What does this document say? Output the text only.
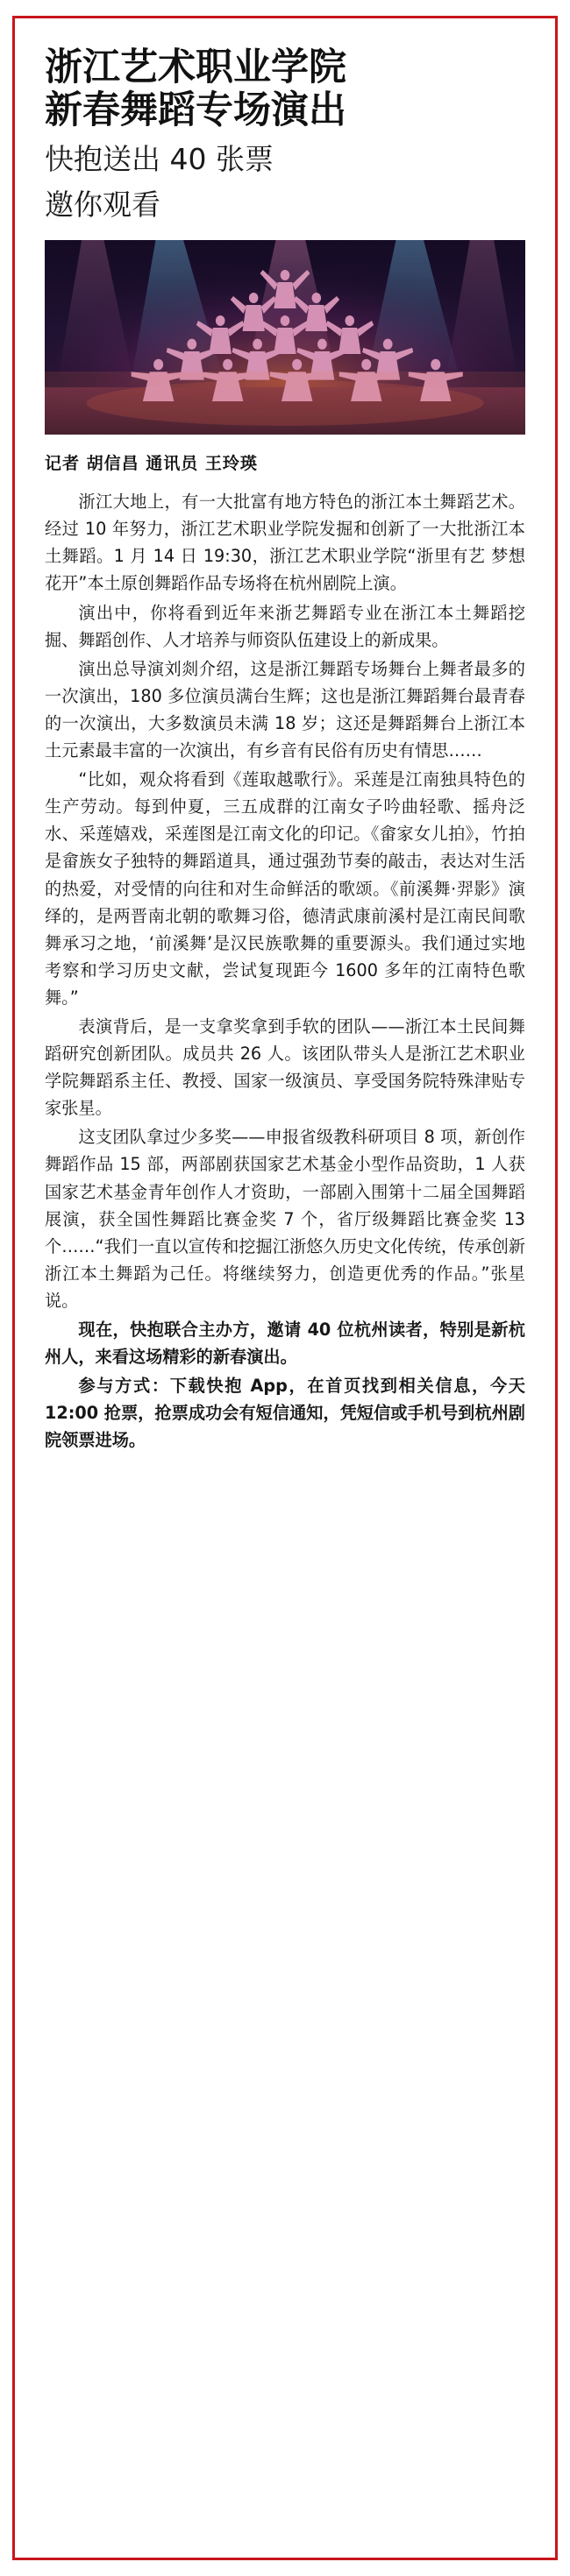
浙江艺术职业学院
新春舞蹈专场演出
快抱送出 40 张票
邀你观看
记者 胡信昌 通讯员 王玲瑛

浙江大地上，有一大批富有地方特色的浙江本土舞蹈艺术。经过 10 年努力，浙江艺术职业学院发掘和创新了一大批浙江本土舞蹈。1 月 14 日 19:30，浙江艺术职业学院“浙里有艺 梦想花开”本土原创舞蹈作品专场将在杭州剧院上演。

演出中，你将看到近年来浙艺舞蹈专业在浙江本土舞蹈挖掘、舞蹈创作、人才培养与师资队伍建设上的新成果。

演出总导演刘剡介绍，这是浙江舞蹈专场舞台上舞者最多的一次演出，180 多位演员满台生辉；这也是浙江舞蹈舞台最青春的一次演出，大多数演员未满 18 岁；这还是舞蹈舞台上浙江本土元素最丰富的一次演出，有乡音有民俗有历史有情思……

“比如，观众将看到《莲取越歌行》。采莲是江南独具特色的生产劳动。每到仲夏，三五成群的江南女子吟曲轻歌、摇舟泛水、采莲嬉戏，采莲图是江南文化的印记。《畲家女儿拍》，竹拍是畲族女子独特的舞蹈道具，通过强劲节奏的敲击，表达对生活的热爱，对受情的向往和对生命鲜活的歌颂。《前溪舞·羿影》演绎的，是两晋南北朝的歌舞习俗，德清武康前溪村是江南民间歌舞承习之地，‘前溪舞’是汉民族歌舞的重要源头。我们通过实地考察和学习历史文献，尝试复现距今 1600 多年的江南特色歌舞。”

表演背后，是一支拿奖拿到手软的团队——浙江本土民间舞蹈研究创新团队。成员共 26 人。该团队带头人是浙江艺术职业学院舞蹈系主任、教授、国家一级演员、享受国务院特殊津贴专家张星。

这支团队拿过少多奖——申报省级教科研项目 8 项，新创作舞蹈作品 15 部，两部剧获国家艺术基金小型作品资助，1 人获国家艺术基金青年创作人才资助，一部剧入围第十二届全国舞蹈展演，获全国性舞蹈比赛金奖 7 个，省厅级舞蹈比赛金奖 13 个……“我们一直以宣传和挖掘江浙悠久历史文化传统，传承创新浙江本土舞蹈为己任。将继续努力，创造更优秀的作品。”张星说。

现在，快抱联合主办方，邀请 40 位杭州读者，特别是新杭州人，来看这场精彩的新春演出。

参与方式：下载快抱 App，在首页找到相关信息，今天 12:00 抢票，抢票成功会有短信通知，凭短信或手机号到杭州剧院领票进场。
